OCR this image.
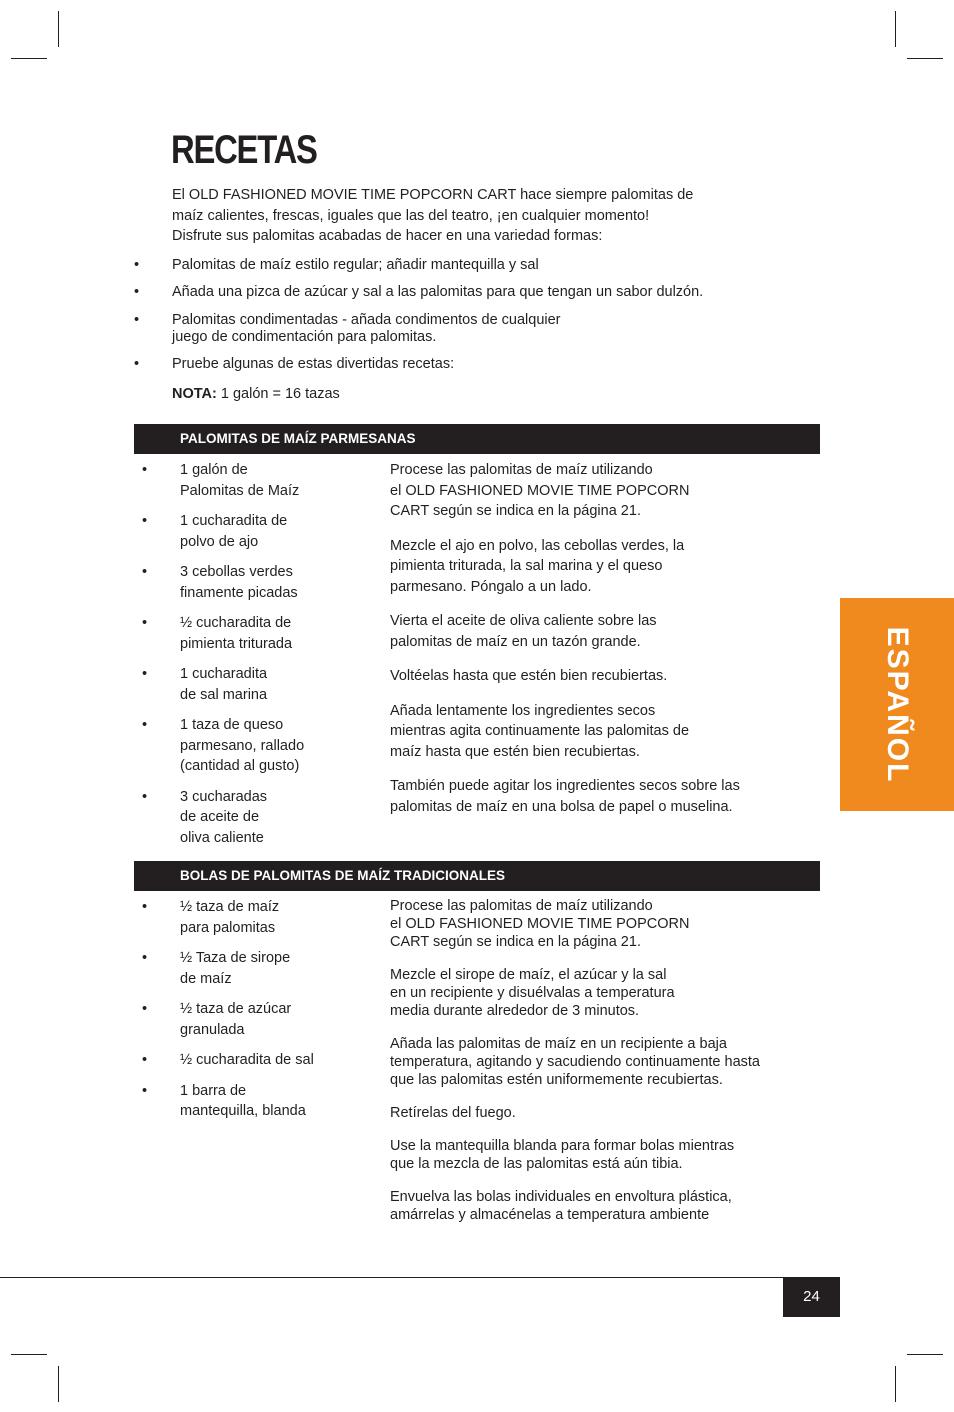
RECETAS
El OLD FASHIONED MOVIE TIME POPCORN CART hace siempre palomitas de
maíz calientes, frescas, iguales que las del teatro, ¡en cualquier momento!
Disfrute sus palomitas acabadas de hacer en una variedad formas:
• Palomitas de maíz estilo regular; añadir mantequilla y sal
• Añada una pizca de azúcar y sal a las palomitas para que tengan un sabor dulzón.
• Palomitas condimentadas - añada condimentos de cualquier
juego de condimentación para palomitas.
• Pruebe algunas de estas divertidas recetas:
NOTA: 1 galón = 16 tazas
PALOMITAS DE MAÍZ PARMESANAS
• 1 galón de
Palomitas de Maíz
• 1 cucharadita de
polvo de ajo
• 3 cebollas verdes
finamente picadas
• ½ cucharadita de
pimienta triturada
• 1 cucharadita
de sal marina
• 1 taza de queso
parmesano, rallado
(cantidad al gusto)
• 3 cucharadas
de aceite de
oliva caliente
Procese las palomitas de maíz utilizando
el OLD FASHIONED MOVIE TIME POPCORN
CART según se indica en la página 21.
Mezcle el ajo en polvo, las cebollas verdes, la
pimienta triturada, la sal marina y el queso
parmesano. Póngalo a un lado.
Vierta el aceite de oliva caliente sobre las
palomitas de maíz en un tazón grande.
Voltéelas hasta que estén bien recubiertas.
Añada lentamente los ingredientes secos
mientras agita continuamente las palomitas de
maíz hasta que estén bien recubiertas.
También puede agitar los ingredientes secos sobre las
palomitas de maíz en una bolsa de papel o muselina.
BOLAS DE PALOMITAS DE MAÍZ TRADICIONALES
• ½ taza de maíz
para palomitas
• ½ Taza de sirope
de maíz
• ½ taza de azúcar
granulada
• ½ cucharadita de sal
• 1 barra de
mantequilla, blanda
Procese las palomitas de maíz utilizando
el OLD FASHIONED MOVIE TIME POPCORN
CART según se indica en la página 21.
Mezcle el sirope de maíz, el azúcar y la sal
en un recipiente y disuélvalas a temperatura
media durante alrededor de 3 minutos.
Añada las palomitas de maíz en un recipiente a baja
temperatura, agitando y sacudiendo continuamente hasta
que las palomitas estén uniformemente recubiertas.
Retírelas del fuego.
Use la mantequilla blanda para formar bolas mientras
que la mezcla de las palomitas está aún tibia.
Envuelva las bolas individuales en envoltura plástica,
amárrelas y almacénelas a temperatura ambiente
ESPAÑOL
24
